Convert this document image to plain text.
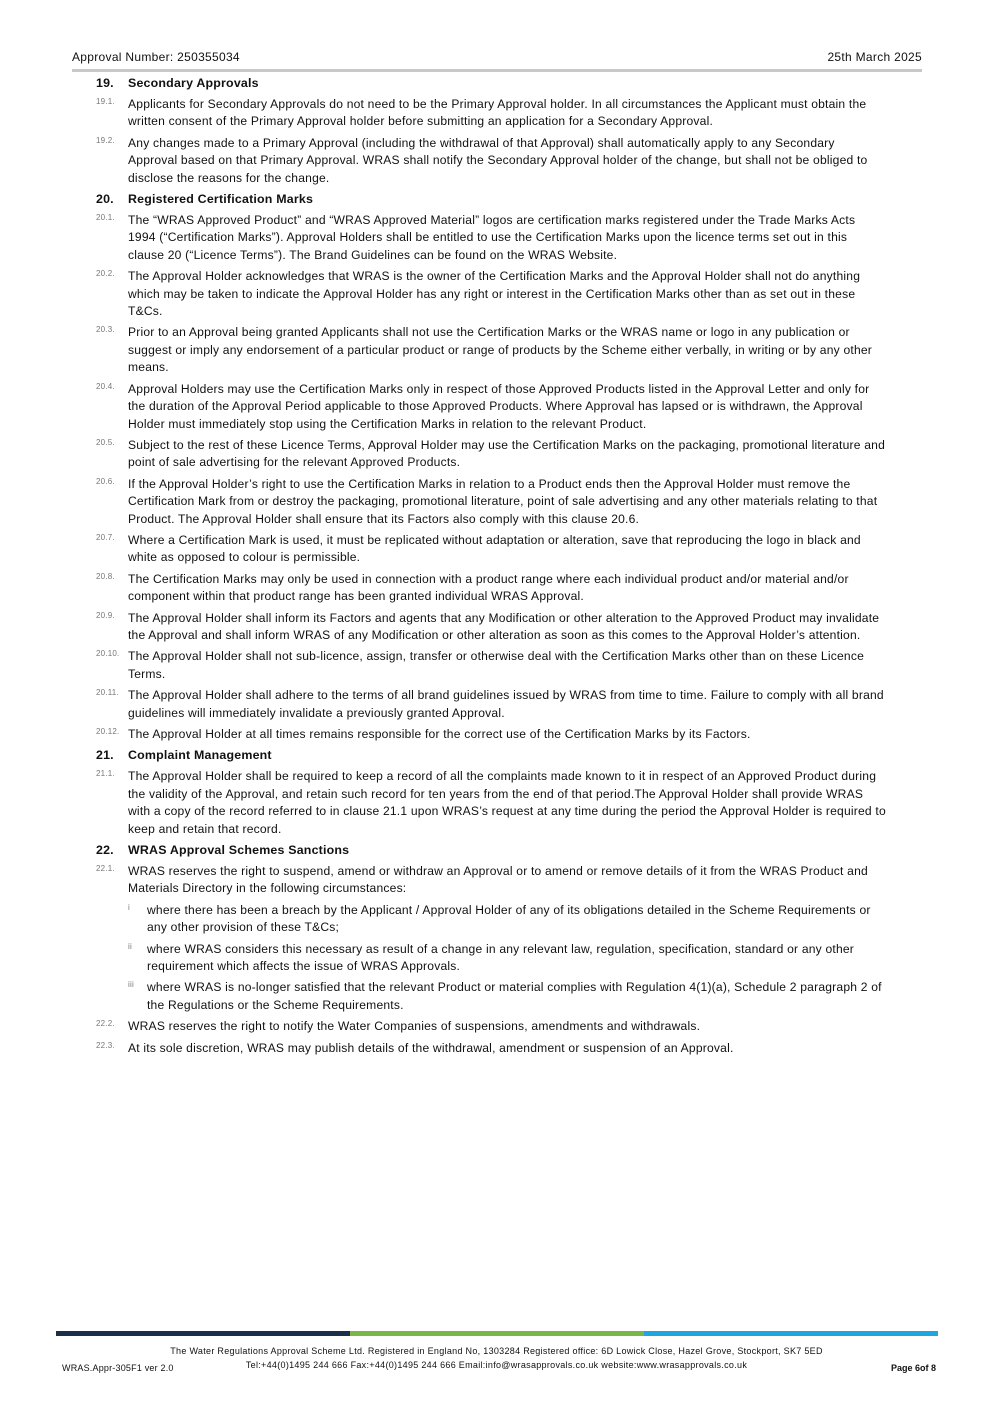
Approval Number: 250355034	25th March 2025
19.	Secondary Approvals
19.1.	Applicants for Secondary Approvals do not need to be the Primary Approval holder. In all circumstances the Applicant must obtain the written consent of the Primary Approval holder before submitting an application for a Secondary Approval.
19.2.	Any changes made to a Primary Approval (including the withdrawal of that Approval) shall automatically apply to any Secondary Approval based on that Primary Approval. WRAS shall notify the Secondary Approval holder of the change, but shall not be obliged to disclose the reasons for the change.
20.	Registered Certification Marks
20.1.	The “WRAS Approved Product” and “WRAS Approved Material” logos are certification marks registered under the Trade Marks Acts 1994 (“Certification Marks”). Approval Holders shall be entitled to use the Certification Marks upon the licence terms set out in this clause 20 (“Licence Terms”). The Brand Guidelines can be found on the WRAS Website.
20.2.	The Approval Holder acknowledges that WRAS is the owner of the Certification Marks and the Approval Holder shall not do anything which may be taken to indicate the Approval Holder has any right or interest in the Certification Marks other than as set out in these T&Cs.
20.3.	Prior to an Approval being granted Applicants shall not use the Certification Marks or the WRAS name or logo in any publication or suggest or imply any endorsement of a particular product or range of products by the Scheme either verbally, in writing or by any other means.
20.4.	Approval Holders may use the Certification Marks only in respect of those Approved Products listed in the Approval Letter and only for the duration of the Approval Period applicable to those Approved Products. Where Approval has lapsed or is withdrawn, the Approval Holder must immediately stop using the Certification Marks in relation to the relevant Product.
20.5.	Subject to the rest of these Licence Terms, Approval Holder may use the Certification Marks on the packaging, promotional literature and point of sale advertising for the relevant Approved Products.
20.6.	If the Approval Holder’s right to use the Certification Marks in relation to a Product ends then the Approval Holder must remove the Certification Mark from or destroy the packaging, promotional literature, point of sale advertising and any other materials relating to that Product. The Approval Holder shall ensure that its Factors also comply with this clause 20.6.
20.7.	Where a Certification Mark is used, it must be replicated without adaptation or alteration, save that reproducing the logo in black and white as opposed to colour is permissible.
20.8.	The Certification Marks may only be used in connection with a product range where each individual product and/or material and/or component within that product range has been granted individual WRAS Approval.
20.9.	The Approval Holder shall inform its Factors and agents that any Modification or other alteration to the Approved Product may invalidate the Approval and shall inform WRAS of any Modification or other alteration as soon as this comes to the Approval Holder’s attention.
20.10. The Approval Holder shall not sub-licence, assign, transfer or otherwise deal with the Certification Marks other than on these Licence Terms.
20.11. The Approval Holder shall adhere to the terms of all brand guidelines issued by WRAS from time to time. Failure to comply with all brand guidelines will immediately invalidate a previously granted Approval.
20.12. The Approval Holder at all times remains responsible for the correct use of the Certification Marks by its Factors.
21.	Complaint Management
21.1.	The Approval Holder shall be required to keep a record of all the complaints made known to it in respect of an Approved Product during the validity of the Approval, and retain such record for ten years from the end of that period.The Approval Holder shall provide WRAS with a copy of the record referred to in clause 21.1 upon WRAS’s request at any time during the period the Approval Holder is required to keep and retain that record.
22.	WRAS Approval Schemes Sanctions
22.1.	WRAS reserves the right to suspend, amend or withdraw an Approval or to amend or remove details of it from the WRAS Product and Materials Directory in the following circumstances:
i	where there has been a breach by the Applicant / Approval Holder of any of its obligations detailed in the Scheme Requirements or any other provision of these T&Cs;
ii	where WRAS considers this necessary as result of a change in any relevant law, regulation, specification, standard or any other requirement which affects the issue of WRAS Approvals.
iii	where WRAS is no-longer satisfied that the relevant Product or material complies with Regulation 4(1)(a), Schedule 2 paragraph 2 of the Regulations or the Scheme Requirements.
22.2.	WRAS reserves the right to notify the Water Companies of suspensions, amendments and withdrawals.
22.3.	At its sole discretion, WRAS may publish details of the withdrawal, amendment or suspension of an Approval.
The Water Regulations Approval Scheme Ltd. Registered in England No, 1303284 Registered office: 6D Lowick Close, Hazel Grove, Stockport, SK7 5ED
Tel:+44(0)1495 244 666 Fax:+44(0)1495 244 666 Email:info@wrasapprovals.co.uk website:www.wrasapprovals.co.uk
WRAS.Appr-305F1 ver 2.0	Page 6of 8
